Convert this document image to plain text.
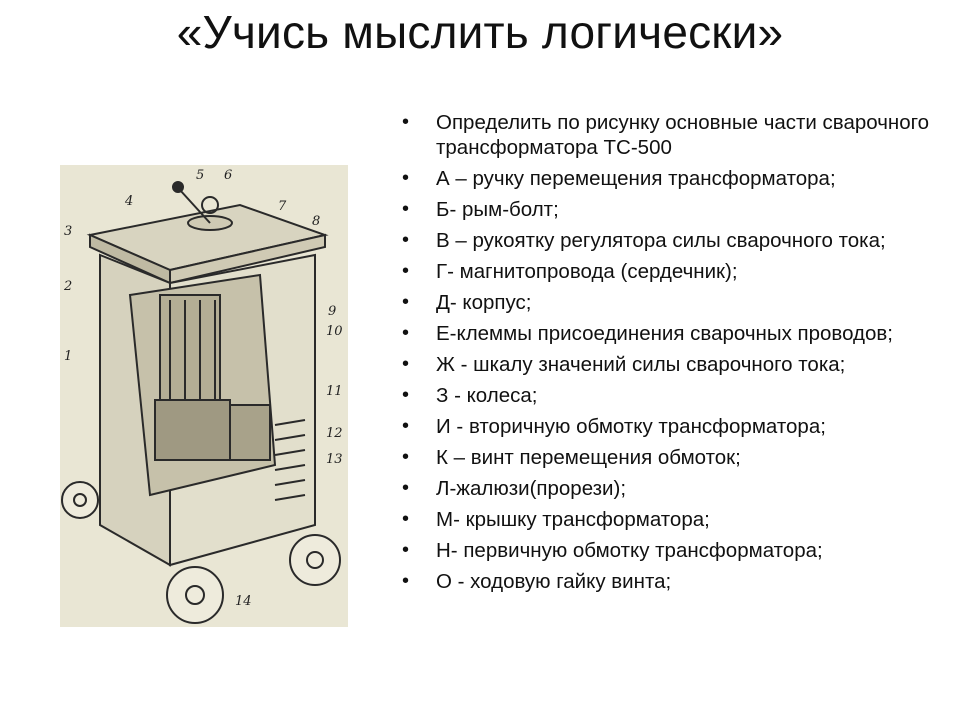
«Учись мыслить логически»
3
2
1
4
5 6
7
8
9
10
11
12
13
14
• Определить по рисунку основные части сварочного трансформатора ТС-500
• А – ручку перемещения трансформатора;
• Б- рым-болт;
• В – рукоятку регулятора силы сварочного тока;
• Г- магнитопровода (сердечник);
• Д- корпус;
• Е-клеммы присоединения сварочных проводов;
• Ж - шкалу значений силы сварочного тока;
• З - колеса;
• И - вторичную обмотку трансформатора;
• К – винт перемещения обмоток;
• Л-жалюзи(прорези);
• М- крышку трансформатора;
• Н- первичную обмотку трансформатора;
• О - ходовую гайку винта;
